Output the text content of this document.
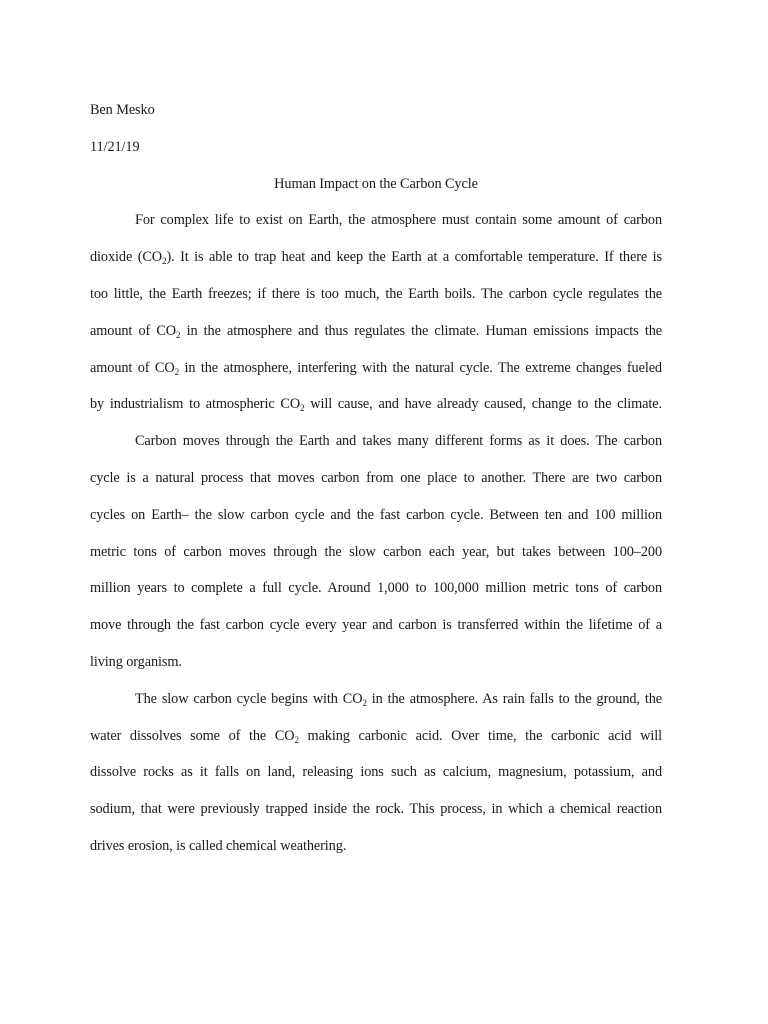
Ben Mesko
11/21/19
Human Impact on the Carbon Cycle
For complex life to exist on Earth, the atmosphere must contain some amount of carbon
dioxide $(CO_2)$. It is able to trap heat and keep the Earth at a comfortable temperature. If there is
too little, the Earth freezes; if there is too much, the Earth boils. The carbon cycle regulates the
amount of $CO_2$ in the atmosphere and thus regulates the climate. Human emissions impacts the
amount of $CO_2$ in the atmosphere, interfering with the natural cycle. The extreme changes fueled
by industrialism to atmospheric $CO_2$ will cause, and have already caused, change to the climate.
Carbon moves through the Earth and takes many different forms as it does. The carbon
cycle is a natural process that moves carbon from one place to another. There are two carbon
cycles on Earth– the slow carbon cycle and the fast carbon cycle. Between ten and 100 million
metric tons of carbon moves through the slow carbon each year, but takes between 100–200
million years to complete a full cycle. Around 1,000 to 100,000 million metric tons of carbon
move through the fast carbon cycle every year and carbon is transferred within the lifetime of a
living organism.
The slow carbon cycle begins with $CO_2$ in the atmosphere. As rain falls to the ground, the
water dissolves some of the $CO_2$ making carbonic acid. Over time, the carbonic acid will
dissolve rocks as it falls on land, releasing ions such as calcium, magnesium, potassium, and
sodium, that were previously trapped inside the rock. This process, in which a chemical reaction
drives erosion, is called chemical weathering.
